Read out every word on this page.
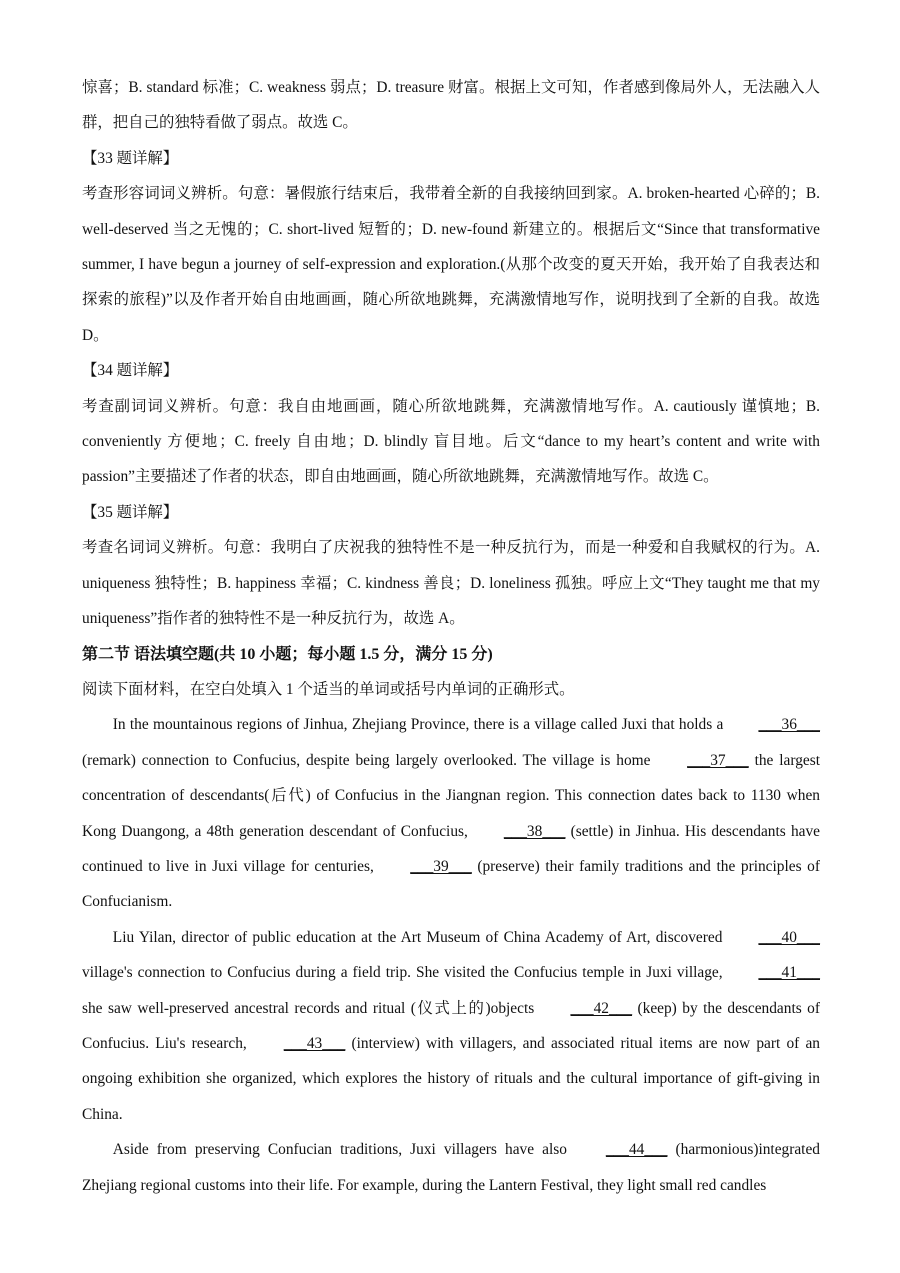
惊喜；B. standard 标准；C. weakness 弱点；D. treasure 财富。根据上文可知，作者感到像局外人，无法融入人群，把自己的独特看做了弱点。故选 C。

【33 题详解】

考查形容词词义辨析。句意：暑假旅行结束后，我带着全新的自我接纳回到家。A. broken-hearted 心碎的；B. well-deserved 当之无愧的；C. short-lived 短暂的；D. new-found 新建立的。根据后文“Since that transformative summer, I have begun a journey of self-expression and exploration.(从那个改变的夏天开始，我开始了自我表达和探索的旅程)”以及作者开始自由地画画，随心所欲地跳舞，充满激情地写作，说明找到了全新的自我。故选 D。

【34 题详解】

考查副词词义辨析。句意：我自由地画画，随心所欲地跳舞，充满激情地写作。A. cautiously 谨慎地；B. conveniently 方便地；C. freely 自由地；D. blindly 盲目地。后文“dance to my heart’s content and write with passion”主要描述了作者的状态，即自由地画画，随心所欲地跳舞，充满激情地写作。故选 C。

【35 题详解】

考查名词词义辨析。句意：我明白了庆祝我的独特性不是一种反抗行为，而是一种爱和自我赋权的行为。A. uniqueness 独特性；B. happiness 幸福；C. kindness 善良；D. loneliness 孤独。呼应上文“They taught me that my uniqueness”指作者的独特性不是一种反抗行为，故选 A。

第二节 语法填空题(共 10 小题；每小题 1.5 分，满分 15 分)

阅读下面材料，在空白处填入 1 个适当的单词或括号内单词的正确形式。

In the mountainous regions of Jinhua, Zhejiang Province, there is a village called Juxi that holds a ___36___ (remark) connection to Confucius, despite being largely overlooked. The village is home ___37___ the largest concentration of descendants(后代) of Confucius in the Jiangnan region. This connection dates back to 1130 when Kong Duangong, a 48th generation descendant of Confucius, ___38___ (settle) in Jinhua. His descendants have continued to live in Juxi village for centuries, ___39___ (preserve) their family traditions and the principles of Confucianism.

Liu Yilan, director of public education at the Art Museum of China Academy of Art, discovered ___40___ village's connection to Confucius during a field trip. She visited the Confucius temple in Juxi village, ___41___ she saw well-preserved ancestral records and ritual (仪式上的)objects ___42___ (keep) by the descendants of Confucius. Liu's research, ___43___ (interview) with villagers, and associated ritual items are now part of an ongoing exhibition she organized, which explores the history of rituals and the cultural importance of gift-giving in China.

Aside from preserving Confucian traditions, Juxi villagers have also ___44___ (harmonious)integrated Zhejiang regional customs into their life. For example, during the Lantern Festival, they light small red candles
